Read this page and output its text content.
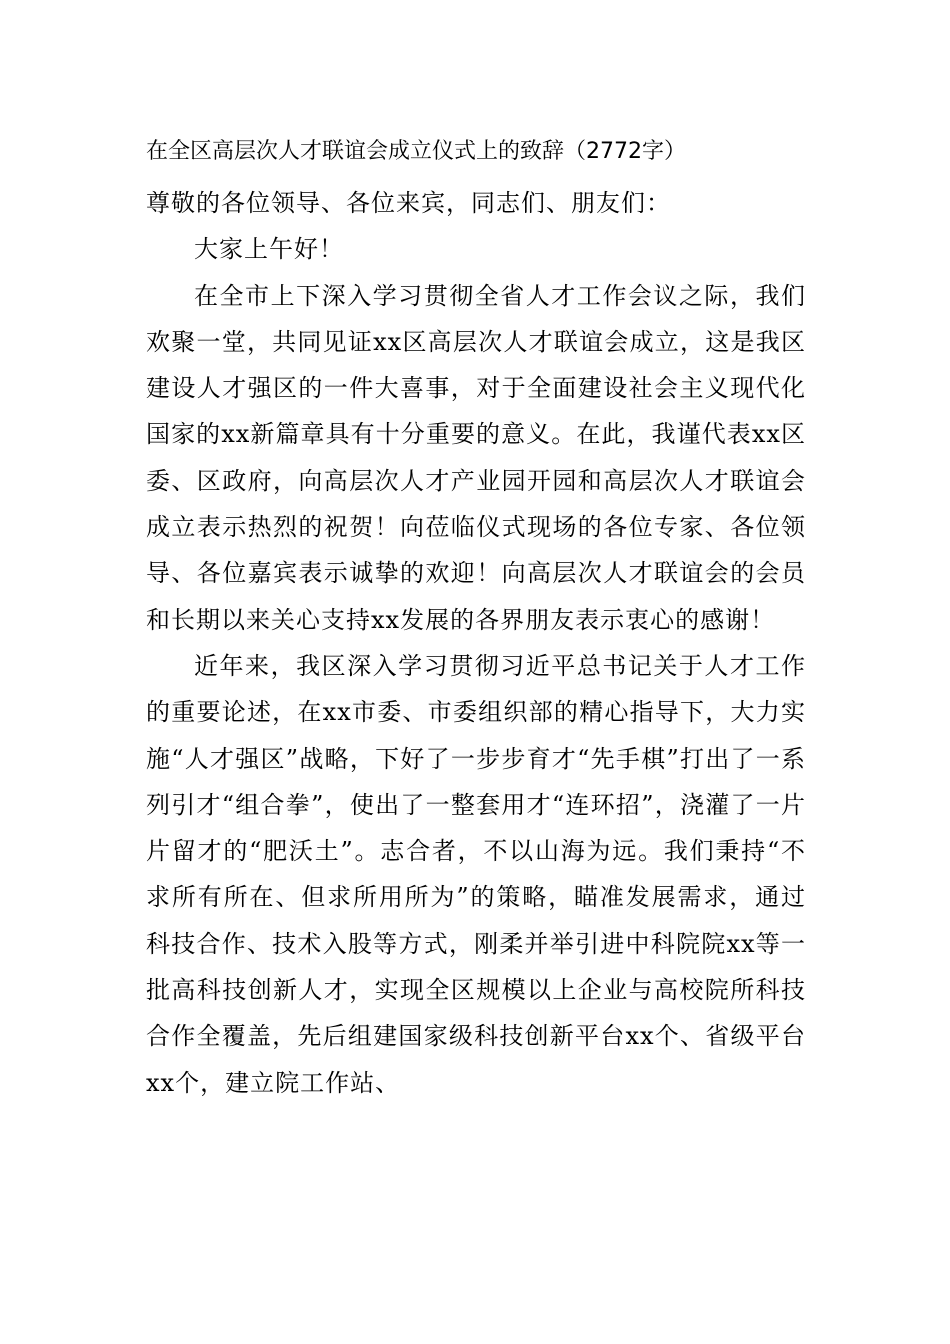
在全区高层次人才联谊会成立仪式上的致辞（2772字）

尊敬的各位领导、各位来宾，同志们、朋友们：

大家上午好！

在全市上下深入学习贯彻全省人才工作会议之际，我们欢聚一堂，共同见证xx区高层次人才联谊会成立，这是我区建设人才强区的一件大喜事，对于全面建设社会主义现代化国家的xx新篇章具有十分重要的意义。在此，我谨代表xx区委、区政府，向高层次人才产业园开园和高层次人才联谊会成立表示热烈的祝贺！向莅临仪式现场的各位专家、各位领导、各位嘉宾表示诚挚的欢迎！向高层次人才联谊会的会员和长期以来关心支持xx发展的各界朋友表示衷心的感谢！

近年来，我区深入学习贯彻习近平总书记关于人才工作的重要论述，在xx市委、市委组织部的精心指导下，大力实施“人才强区”战略，下好了一步步育才“先手棋”打出了一系列引才“组合拳”，使出了一整套用才“连环招”，浇灌了一片片留才的“肥沃土”。志合者，不以山海为远。我们秉持“不求所有所在、但求所用所为”的策略，瞄准发展需求，通过科技合作、技术入股等方式，刚柔并举引进中科院院xx等一批高科技创新人才，实现全区规模以上企业与高校院所科技合作全覆盖，先后组建国家级科技创新平台xx个、省级平台xx个，建立院工作站、
